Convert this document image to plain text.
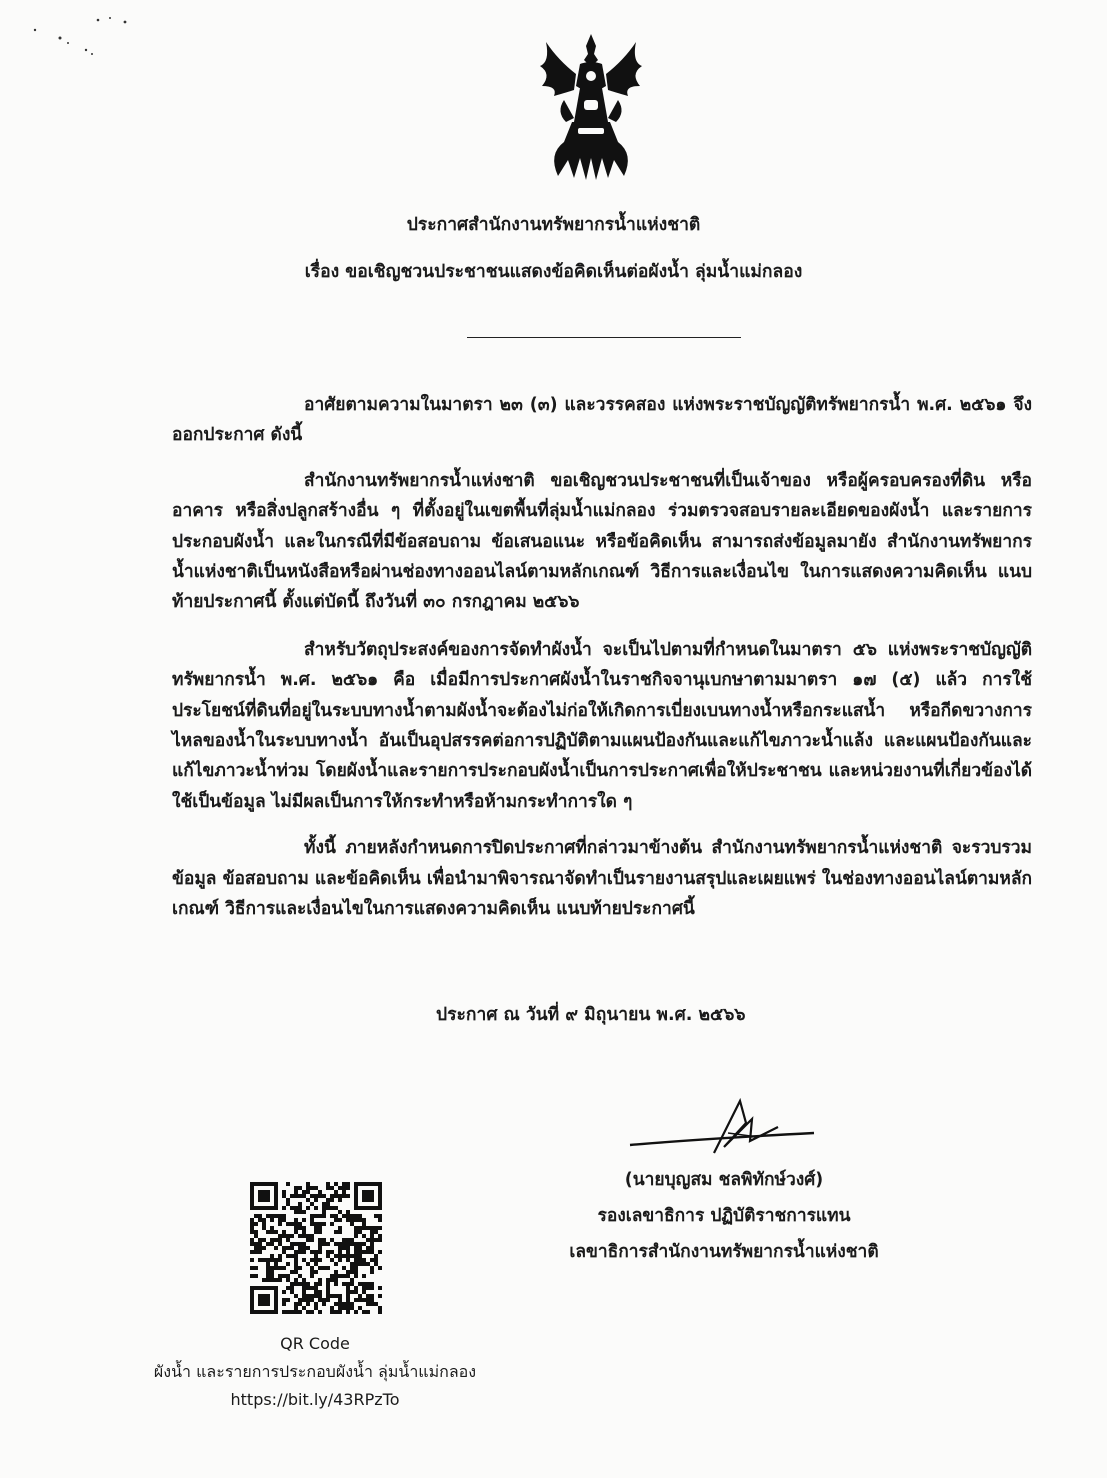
ประกาศสำนักงานทรัพยากรน้ำแห่งชาติ
เรื่อง ขอเชิญชวนประชาชนแสดงข้อคิดเห็นต่อผังน้ำ ลุ่มน้ำแม่กลอง

อาศัยตามความในมาตรา ๒๓ (๓) และวรรคสอง แห่งพระราชบัญญัติทรัพยากรน้ำ พ.ศ. ๒๕๖๑ จึงออกประกาศ ดังนี้

สำนักงานทรัพยากรน้ำแห่งชาติ ขอเชิญชวนประชาชนที่เป็นเจ้าของ หรือผู้ครอบครองที่ดิน หรืออาคาร หรือสิ่งปลูกสร้างอื่น ๆ ที่ตั้งอยู่ในเขตพื้นที่ลุ่มน้ำแม่กลอง ร่วมตรวจสอบรายละเอียดของผังน้ำ และรายการประกอบผังน้ำ และในกรณีที่มีข้อสอบถาม ข้อเสนอแนะ หรือข้อคิดเห็น สามารถส่งข้อมูลมายัง สำนักงานทรัพยากรน้ำแห่งชาติเป็นหนังสือหรือผ่านช่องทางออนไลน์ตามหลักเกณฑ์ วิธีการและเงื่อนไข ในการแสดงความคิดเห็น แนบท้ายประกาศนี้ ตั้งแต่บัดนี้ ถึงวันที่ ๓๐ กรกฎาคม ๒๕๖๖

สำหรับวัตถุประสงค์ของการจัดทำผังน้ำ จะเป็นไปตามที่กำหนดในมาตรา ๕๖ แห่งพระราชบัญญัติ ทรัพยากรน้ำ พ.ศ. ๒๕๖๑ คือ เมื่อมีการประกาศผังน้ำในราชกิจจานุเบกษาตามมาตรา ๑๗ (๕) แล้ว การใช้ประโยชน์ที่ดินที่อยู่ในระบบทางน้ำตามผังน้ำจะต้องไม่ก่อให้เกิดการเบี่ยงเบนทางน้ำหรือกระแสน้ำ หรือกีดขวางการไหลของน้ำในระบบทางน้ำ อันเป็นอุปสรรคต่อการปฏิบัติตามแผนป้องกันและแก้ไขภาวะน้ำแล้ง และแผนป้องกันและแก้ไขภาวะน้ำท่วม โดยผังน้ำและรายการประกอบผังน้ำเป็นการประกาศเพื่อให้ประชาชน และหน่วยงานที่เกี่ยวข้องได้ใช้เป็นข้อมูล ไม่มีผลเป็นการให้กระทำหรือห้ามกระทำการใด ๆ

ทั้งนี้ ภายหลังกำหนดการปิดประกาศที่กล่าวมาข้างต้น สำนักงานทรัพยากรน้ำแห่งชาติ จะรวบรวมข้อมูล ข้อสอบถาม และข้อคิดเห็น เพื่อนำมาพิจารณาจัดทำเป็นรายงานสรุปและเผยแพร่ ในช่องทางออนไลน์ตามหลักเกณฑ์ วิธีการและเงื่อนไขในการแสดงความคิดเห็น แนบท้ายประกาศนี้

ประกาศ ณ วันที่ ๙ มิถุนายน พ.ศ. ๒๕๖๖
(นายบุญสม ชลพิทักษ์วงศ์)
รองเลขาธิการ ปฏิบัติราชการแทน
เลขาธิการสำนักงานทรัพยากรน้ำแห่งชาติ
QR Code
ผังน้ำ และรายการประกอบผังน้ำ ลุ่มน้ำแม่กลอง
https://bit.ly/43RPzTo
